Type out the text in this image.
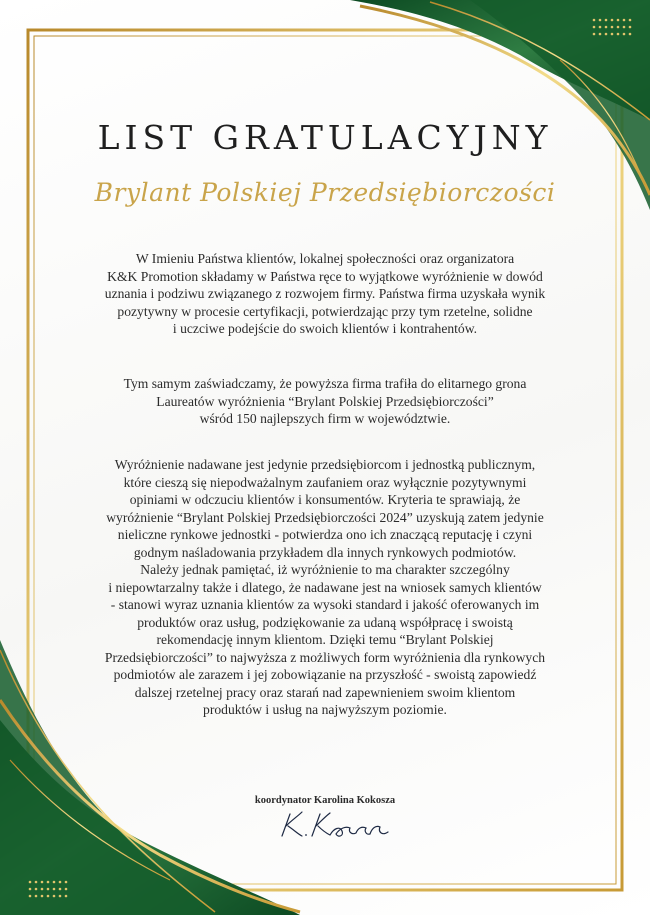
LIST GRATULACYJNY
Brylant Polskiej Przedsiębiorczości
W Imieniu Państwa klientów, lokalnej społeczności oraz organizatora
K&K Promotion składamy w Państwa ręce to wyjątkowe wyróżnienie w dowód
uznania i podziwu związanego z rozwojem firmy. Państwa firma uzyskała wynik
pozytywny w procesie certyfikacji, potwierdzając przy tym rzetelne, solidne
i uczciwe podejście do swoich klientów i kontrahentów.
Tym samym zaświadczamy, że powyższa firma trafiła do elitarnego grona
Laureatów wyróżnienia “Brylant Polskiej Przedsiębiorczości”
wśród 150 najlepszych firm w województwie.
Wyróżnienie nadawane jest jedynie przedsiębiorcom i jednostką publicznym,
które cieszą się niepodważalnym zaufaniem oraz wyłącznie pozytywnymi
opiniami w odczuciu klientów i konsumentów. Kryteria te sprawiają, że
wyróżnienie “Brylant Polskiej Przedsiębiorczości 2024” uzyskują zatem jedynie
nieliczne rynkowe jednostki - potwierdza ono ich znaczącą reputację i czyni
godnym naśladowania przykładem dla innych rynkowych podmiotów.
Należy jednak pamiętać, iż wyróżnienie to ma charakter szczególny
i niepowtarzalny także i dlatego, że nadawane jest na wniosek samych klientów
- stanowi wyraz uznania klientów za wysoki standard i jakość oferowanych im
produktów oraz usług, podziękowanie za udaną współpracę i swoistą
rekomendację innym klientom. Dzięki temu “Brylant Polskiej
Przedsiębiorczości” to najwyższa z możliwych form wyróżnienia dla rynkowych
podmiotów ale zarazem i jej zobowiązanie na przyszłość - swoistą zapowiedź
dalszej rzetelnej pracy oraz starań nad zapewnieniem swoim klientom
produktów i usług na najwyższym poziomie.
koordynator Karolina Kokosza
